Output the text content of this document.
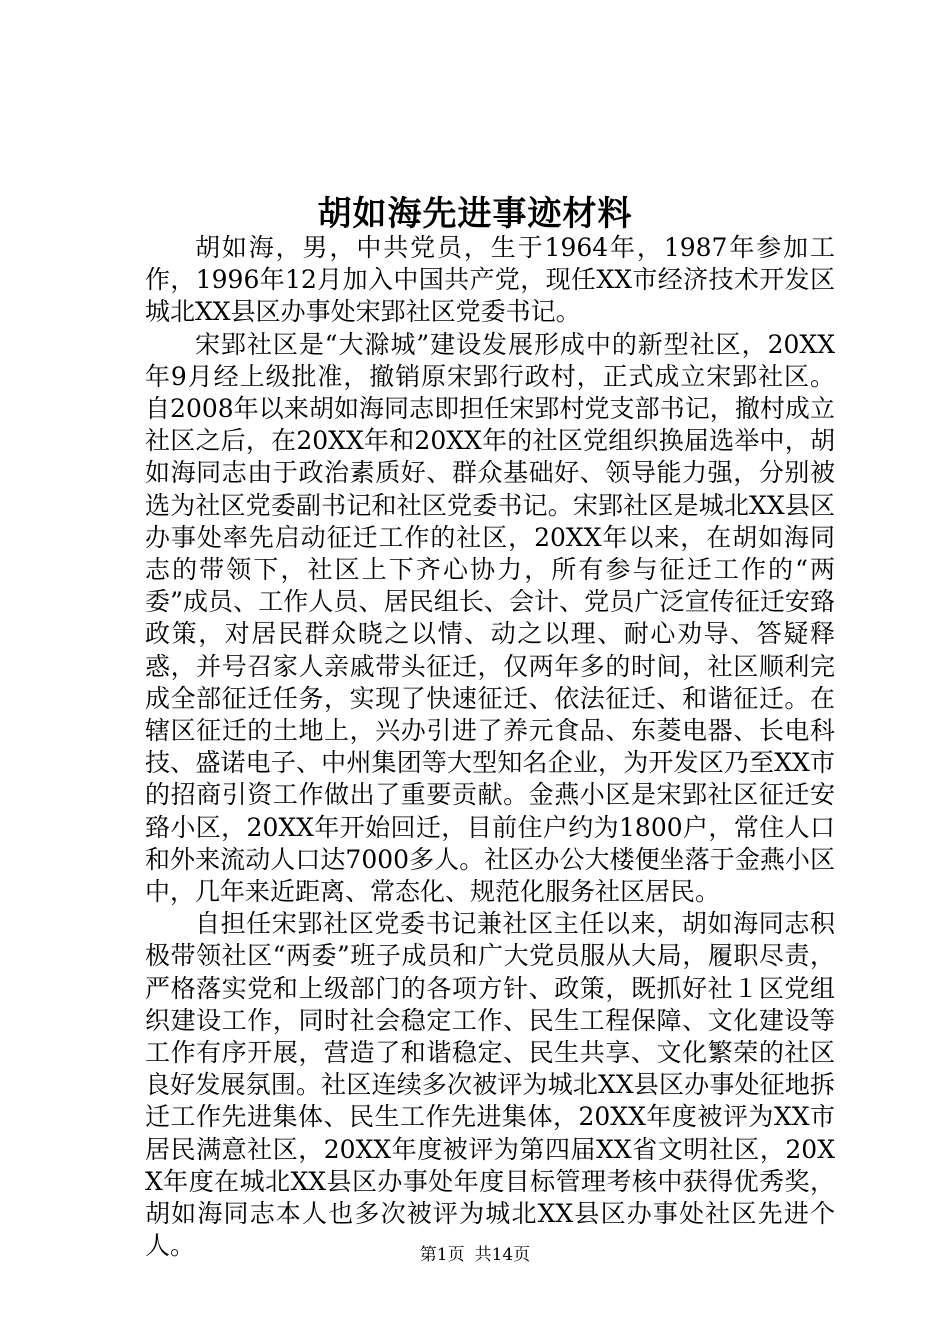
胡如海先进事迹材料

胡如海，男，中共党员，生于1964年，1987年参加工作，1996年12月加入中国共产党，现任XX市经济技术开发区城北XX县区办事处宋郢社区党委书记。

宋郢社区是“大滁城”建设发展形成中的新型社区，20XX年9月经上级批准，撤销原宋郢行政村，正式成立宋郢社区。自2008年以来胡如海同志即担任宋郢村党支部书记，撤村成立社区之后，在20XX年和20XX年的社区党组织换届选举中，胡如海同志由于政治素质好、群众基础好、领导能力强，分别被选为社区党委副书记和社区党委书记。宋郢社区是城北XX县区办事处率先启动征迁工作的社区，20XX年以来，在胡如海同志的带领下，社区上下齐心协力，所有参与征迁工作的“两委”成员、工作人员、居民组长、会计、党员广泛宣传征迁安臵政策，对居民群众晓之以情、动之以理、耐心劝导、答疑释惑，并号召家人亲戚带头征迁，仅两年多的时间，社区顺利完成全部征迁任务，实现了快速征迁、依法征迁、和谐征迁。在辖区征迁的土地上，兴办引进了养元食品、东菱电器、长电科技、盛诺电子、中州集团等大型知名企业，为开发区乃至XX市的招商引资工作做出了重要贡献。金燕小区是宋郢社区征迁安臵小区，20XX年开始回迁，目前住户约为1800户，常住人口和外来流动人口达7000多人。社区办公大楼便坐落于金燕小区中，几年来近距离、常态化、规范化服务社区居民。

自担任宋郢社区党委书记兼社区主任以来，胡如海同志积极带领社区“两委”班子成员和广大党员服从大局，履职尽责，严格落实党和上级部门的各项方针、政策，既抓好社１区党组织建设工作，同时社会稳定工作、民生工程保障、文化建设等工作有序开展，营造了和谐稳定、民生共享、文化繁荣的社区良好发展氛围。社区连续多次被评为城北XX县区办事处征地拆迁工作先进集体、民生工作先进集体，20XX年度被评为XX市居民满意社区，20XX年度被评为第四届XX省文明社区，20XX年度在城北XX县区办事处年度目标管理考核中获得优秀奖，胡如海同志本人也多次被评为城北XX县区办事处社区先进个人。	第1页 共14页
